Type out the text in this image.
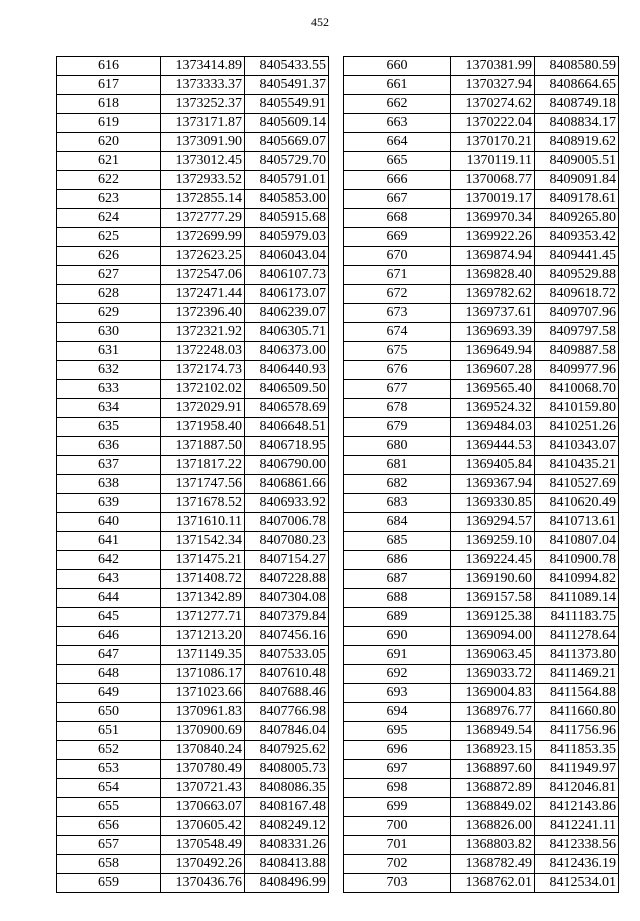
452
616	1373414.89	8405433.55
617	1373333.37	8405491.37
618	1373252.37	8405549.91
619	1373171.87	8405609.14
620	1373091.90	8405669.07
621	1373012.45	8405729.70
622	1372933.52	8405791.01
623	1372855.14	8405853.00
624	1372777.29	8405915.68
625	1372699.99	8405979.03
626	1372623.25	8406043.04
627	1372547.06	8406107.73
628	1372471.44	8406173.07
629	1372396.40	8406239.07
630	1372321.92	8406305.71
631	1372248.03	8406373.00
632	1372174.73	8406440.93
633	1372102.02	8406509.50
634	1372029.91	8406578.69
635	1371958.40	8406648.51
636	1371887.50	8406718.95
637	1371817.22	8406790.00
638	1371747.56	8406861.66
639	1371678.52	8406933.92
640	1371610.11	8407006.78
641	1371542.34	8407080.23
642	1371475.21	8407154.27
643	1371408.72	8407228.88
644	1371342.89	8407304.08
645	1371277.71	8407379.84
646	1371213.20	8407456.16
647	1371149.35	8407533.05
648	1371086.17	8407610.48
649	1371023.66	8407688.46
650	1370961.83	8407766.98
651	1370900.69	8407846.04
652	1370840.24	8407925.62
653	1370780.49	8408005.73
654	1370721.43	8408086.35
655	1370663.07	8408167.48
656	1370605.42	8408249.12
657	1370548.49	8408331.26
658	1370492.26	8408413.88
659	1370436.76	8408496.99
660	1370381.99	8408580.59
661	1370327.94	8408664.65
662	1370274.62	8408749.18
663	1370222.04	8408834.17
664	1370170.21	8408919.62
665	1370119.11	8409005.51
666	1370068.77	8409091.84
667	1370019.17	8409178.61
668	1369970.34	8409265.80
669	1369922.26	8409353.42
670	1369874.94	8409441.45
671	1369828.40	8409529.88
672	1369782.62	8409618.72
673	1369737.61	8409707.96
674	1369693.39	8409797.58
675	1369649.94	8409887.58
676	1369607.28	8409977.96
677	1369565.40	8410068.70
678	1369524.32	8410159.80
679	1369484.03	8410251.26
680	1369444.53	8410343.07
681	1369405.84	8410435.21
682	1369367.94	8410527.69
683	1369330.85	8410620.49
684	1369294.57	8410713.61
685	1369259.10	8410807.04
686	1369224.45	8410900.78
687	1369190.60	8410994.82
688	1369157.58	8411089.14
689	1369125.38	8411183.75
690	1369094.00	8411278.64
691	1369063.45	8411373.80
692	1369033.72	8411469.21
693	1369004.83	8411564.88
694	1368976.77	8411660.80
695	1368949.54	8411756.96
696	1368923.15	8411853.35
697	1368897.60	8411949.97
698	1368872.89	8412046.81
699	1368849.02	8412143.86
700	1368826.00	8412241.11
701	1368803.82	8412338.56
702	1368782.49	8412436.19
703	1368762.01	8412534.01
